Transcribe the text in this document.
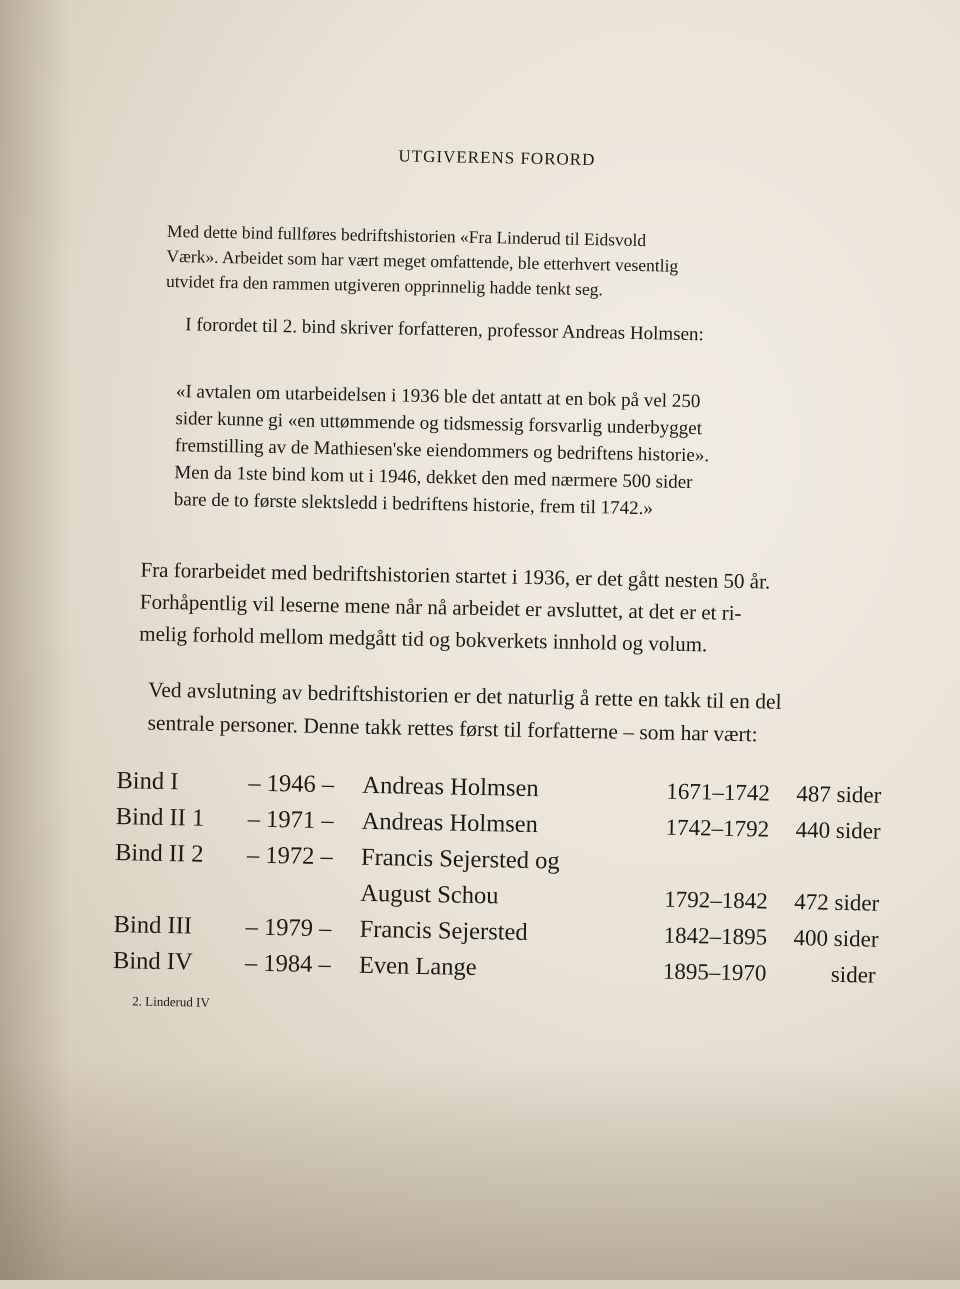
UTGIVERENS FORORD

Med dette bind fullføres bedriftshistorien «Fra Linderud til Eidsvold
Værk». Arbeidet som har vært meget omfattende, ble etterhvert vesentlig
utvidet fra den rammen utgiveren opprinnelig hadde tenkt seg.

I forordet til 2. bind skriver forfatteren, professor Andreas Holmsen:

«I avtalen om utarbeidelsen i 1936 ble det antatt at en bok på vel 250
sider kunne gi «en uttømmende og tidsmessig forsvarlig underbygget
fremstilling av de Mathiesen'ske eiendommers og bedriftens historie».
Men da 1ste bind kom ut i 1946, dekket den med nærmere 500 sider
bare de to første slektsledd i bedriftens historie, frem til 1742.»

Fra forarbeidet med bedriftshistorien startet i 1936, er det gått nesten 50 år.
Forhåpentlig vil leserne mene når nå arbeidet er avsluttet, at det er et ri-
melig forhold mellom medgått tid og bokverkets innhold og volum.

Ved avslutning av bedriftshistorien er det naturlig å rette en takk til en del
sentrale personer. Denne takk rettes først til forfatterne – som har vært:

Bind I	– 1946 – Andreas Holmsen	1671–1742 487 sider
Bind II 1 – 1971 – Andreas Holmsen	1742–1792 440 sider
Bind II 2 – 1972 – Francis Sejersted og
August Schou	1792–1842 472 sider
Bind III – 1979 – Francis Sejersted	1842–1895 400 sider
Bind IV – 1984 – Even Lange	1895–1970	sider
2. Linderud IV
